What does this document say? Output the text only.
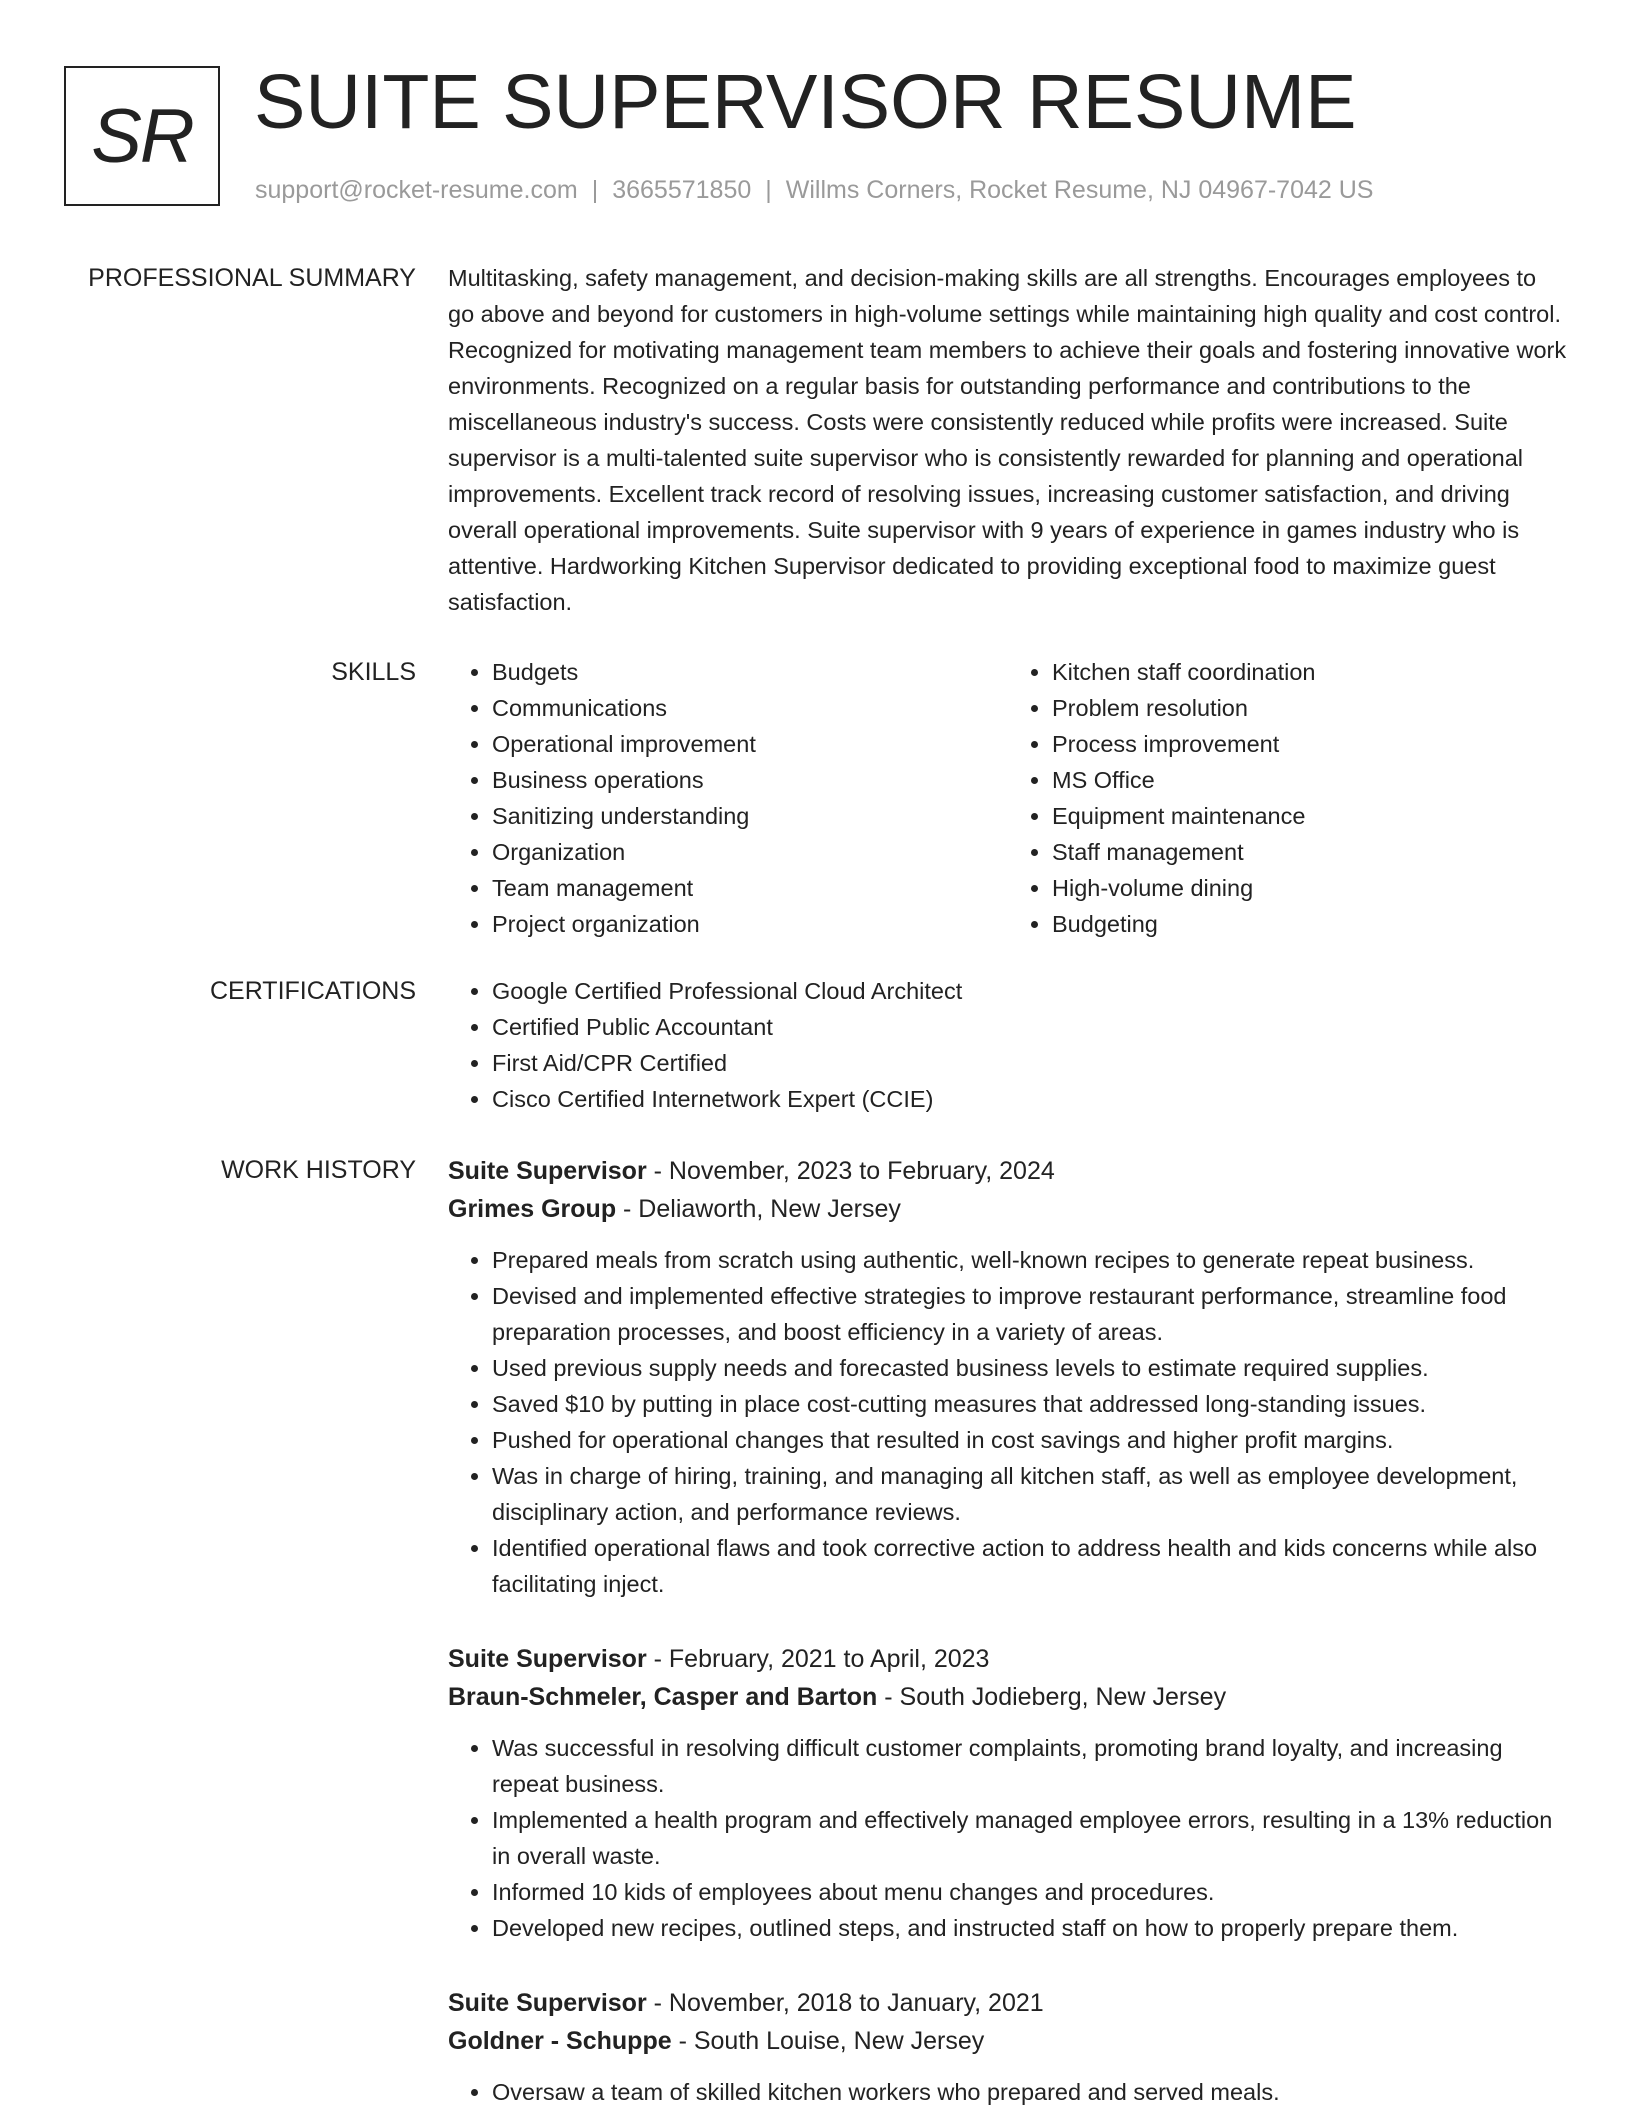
SR SUITE SUPERVISOR RESUME
support@rocket-resume.com | 3665571850 | Willms Corners, Rocket Resume, NJ 04967-7042 US
PROFESSIONAL SUMMARY Multitasking, safety management, and decision-making skills are all strengths. Encourages employees to go above and beyond for customers in high-volume settings while maintaining high quality and cost control. Recognized for motivating management team members to achieve their goals and fostering innovative work environments. Recognized on a regular basis for outstanding performance and contributions to the miscellaneous industry's success. Costs were consistently reduced while profits were increased. Suite supervisor is a multi-talented suite supervisor who is consistently rewarded for planning and operational improvements. Excellent track record of resolving issues, increasing customer satisfaction, and driving overall operational improvements. Suite supervisor with 9 years of experience in games industry who is attentive. Hardworking Kitchen Supervisor dedicated to providing exceptional food to maximize guest satisfaction.

SKILLS	• Budgets
• Communications
• Operational improvement
• Business operations
• Sanitizing understanding
• Organization
• Team management
• Project organization
• Kitchen staff coordination
• Problem resolution
• Process improvement
• MS Office
• Equipment maintenance
• Staff management
• High-volume dining
• Budgeting
CERTIFICATIONS	• Google Certified Professional Cloud Architect
• Certified Public Accountant
• First Aid/CPR Certified
• Cisco Certified Internetwork Expert (CCIE)
WORK HISTORY Suite Supervisor - November, 2023 to February, 2024
Grimes Group - Deliaworth, New Jersey
• Prepared meals from scratch using authentic, well-known recipes to generate repeat business.
• Devised and implemented effective strategies to improve restaurant performance, streamline food preparation processes, and boost efficiency in a variety of areas.
• Used previous supply needs and forecasted business levels to estimate required supplies.
• Saved $10 by putting in place cost-cutting measures that addressed long-standing issues.
• Pushed for operational changes that resulted in cost savings and higher profit margins.
• Was in charge of hiring, training, and managing all kitchen staff, as well as employee development, disciplinary action, and performance reviews.
• Identified operational flaws and took corrective action to address health and kids concerns while also facilitating inject.
Suite Supervisor - February, 2021 to April, 2023
Braun-Schmeler, Casper and Barton - South Jodieberg, New Jersey
• Was successful in resolving difficult customer complaints, promoting brand loyalty, and increasing repeat business.
• Implemented a health program and effectively managed employee errors, resulting in a 13% reduction in overall waste.
• Informed 10 kids of employees about menu changes and procedures.
• Developed new recipes, outlined steps, and instructed staff on how to properly prepare them.
Suite Supervisor - November, 2018 to January, 2021
Goldner - Schuppe - South Louise, New Jersey
• Oversaw a team of skilled kitchen workers who prepared and served meals.
